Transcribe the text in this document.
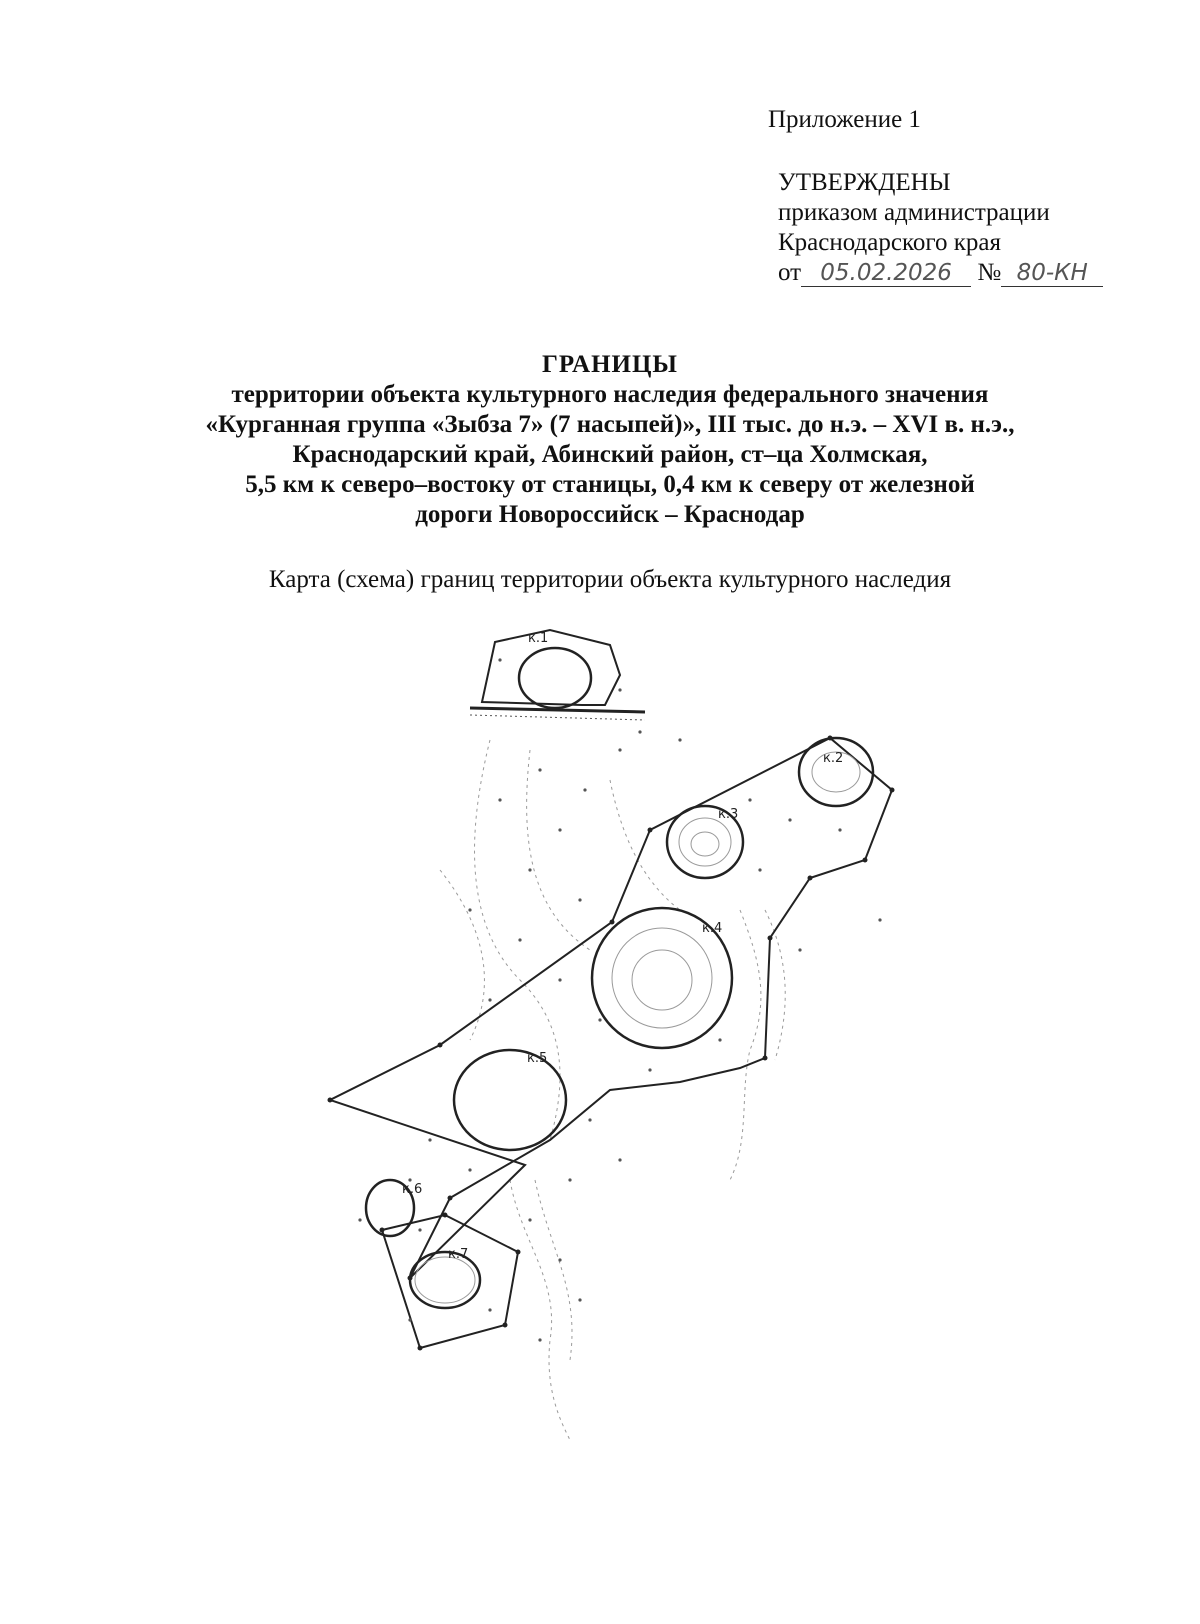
Приложение 1
УТВЕРЖДЕНЫ
приказом администрации
Краснодарского края
от 05.02.2026 № 80-КН
ГРАНИЦЫ
территории объекта культурного наследия федерального значения
«Курганная группа «Зыбза 7» (7 насыпей)», III тыс. до н.э. – XVI в. н.э.,
Краснодарский край, Абинский район, ст–ца Холмская,
5,5 км к северо–востоку от станицы, 0,4 км к северу от железной
дороги Новороссийск – Краснодар
Карта (схема) границ территории объекта культурного наследия
к.1
к.2
к.3
к.4
к.5
к.6
к.7
